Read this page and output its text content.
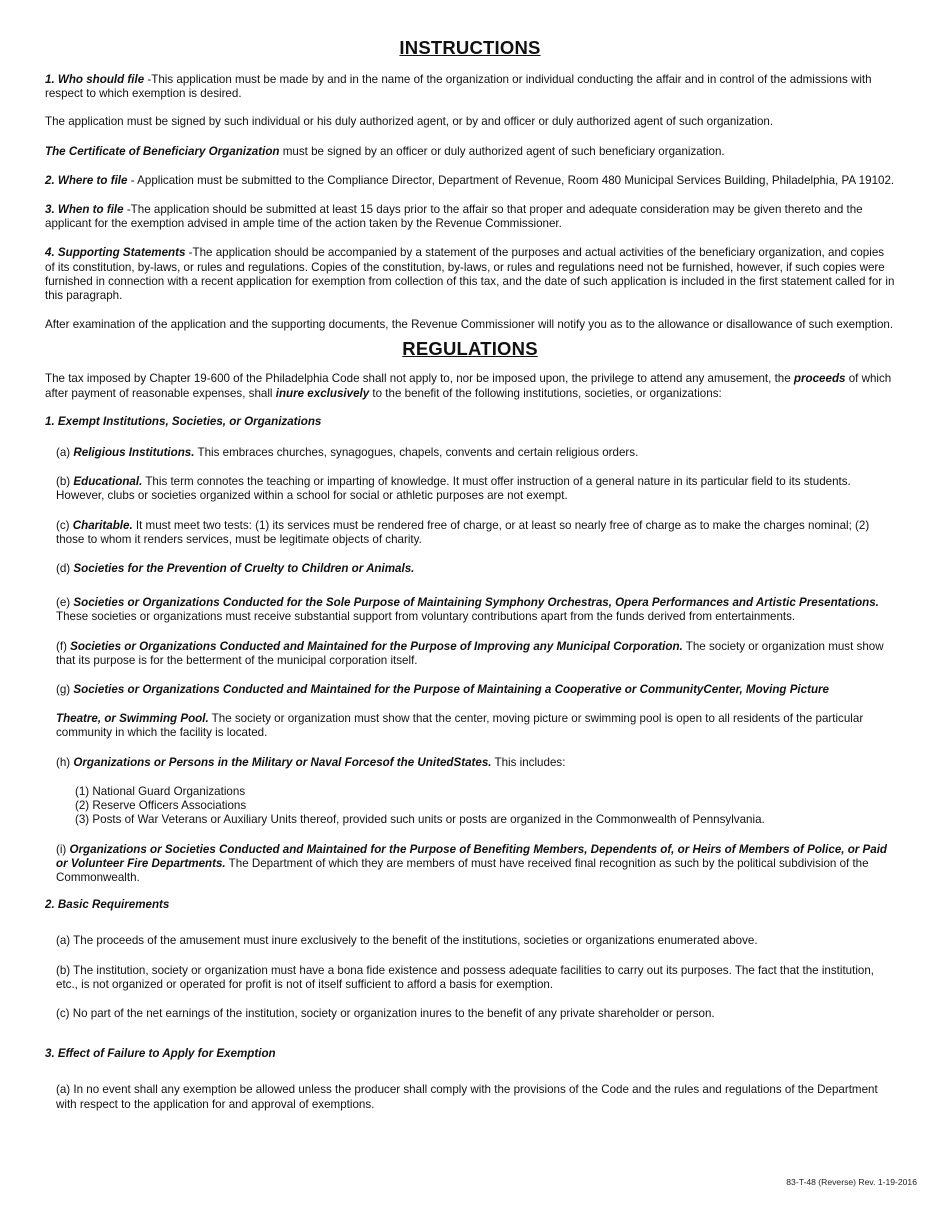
INSTRUCTIONS

1. Who should file -This application must be made by and in the name of the organization or individual conducting the affair and in control of the admissions with respect to which exemption is desired.

The application must be signed by such individual or his duly authorized agent, or by and officer or duly authorized agent of such organization.

The Certificate of Beneficiary Organization must be signed by an officer or duly authorized agent of such beneficiary organization.

2. Where to file - Application must be submitted to the Compliance Director, Department of Revenue, Room 480 Municipal Services Building, Philadelphia, PA 19102.

3. When to file -The application should be submitted at least 15 days prior to the affair so that proper and adequate consideration may be given thereto and the applicant for the exemption advised in ample time of the action taken by the Revenue Commissioner.

4. Supporting Statements -The application should be accompanied by a statement of the purposes and actual activities of the beneficiary organization, and copies of its constitution, by-laws, or rules and regulations. Copies of the constitution, by-laws, or rules and regulations need not be furnished, however, if such copies were furnished in connection with a recent application for exemption from collection of this tax, and the date of such application is included in the first statement called for in this paragraph.

After examination of the application and the supporting documents, the Revenue Commissioner will notify you as to the allowance or disallowance of such exemption.

REGULATIONS

The tax imposed by Chapter 19-600 of the Philadelphia Code shall not apply to, nor be imposed upon, the privilege to attend any amusement, the proceeds of which after payment of reasonable expenses, shall inure exclusively to the benefit of the following institutions, societies, or organizations:

1. Exempt Institutions, Societies, or Organizations

(a) Religious Institutions. This embraces churches, synagogues, chapels, convents and certain religious orders.

(b) Educational. This term connotes the teaching or imparting of knowledge. It must offer instruction of a general nature in its particular field to its students. However, clubs or societies organized within a school for social or athletic purposes are not exempt.

(c) Charitable. It must meet two tests: (1) its services must be rendered free of charge, or at least so nearly free of charge as to make the charges nominal; (2) those to whom it renders services, must be legitimate objects of charity.

(d) Societies for the Prevention of Cruelty to Children or Animals.

(e) Societies or Organizations Conducted for the Sole Purpose of Maintaining Symphony Orchestras, Opera Performances and Artistic Presentations. These societies or organizations must receive substantial support from voluntary contributions apart from the funds derived from entertainments.

(f) Societies or Organizations Conducted and Maintained for the Purpose of Improving any Municipal Corporation. The society or organization must show that its purpose is for the betterment of the municipal corporation itself.

(g) Societies or Organizations Conducted and Maintained for the Purpose of Maintaining a Cooperative or CommunityCenter, Moving Picture

Theatre, or Swimming Pool. The society or organization must show that the center, moving picture or swimming pool is open to all residents of the particular community in which the facility is located.

(h) Organizations or Persons in the Military or Naval Forcesof the UnitedStates. This includes:

(1) National Guard Organizations

(2) Reserve Officers Associations

(3) Posts of War Veterans or Auxiliary Units thereof, provided such units or posts are organized in the Commonwealth of Pennsylvania.

(i) Organizations or Societies Conducted and Maintained for the Purpose of Benefiting Members, Dependents of, or Heirs of Members of Police, or Paid or Volunteer Fire Departments. The Department of which they are members of must have received final recognition as such by the political subdivision of the Commonwealth.

2. Basic Requirements

(a) The proceeds of the amusement must inure exclusively to the benefit of the institutions, societies or organizations enumerated above.

(b) The institution, society or organization must have a bona fide existence and possess adequate facilities to carry out its purposes. The fact that the institution, etc., is not organized or operated for profit is not of itself sufficient to afford a basis for exemption.

(c) No part of the net earnings of the institution, society or organization inures to the benefit of any private shareholder or person.

3. Effect of Failure to Apply for Exemption

(a) In no event shall any exemption be allowed unless the producer shall comply with the provisions of the Code and the rules and regulations of the Department with respect to the application for and approval of exemptions.

83-T-48 (Reverse) Rev. 1-19-2016
